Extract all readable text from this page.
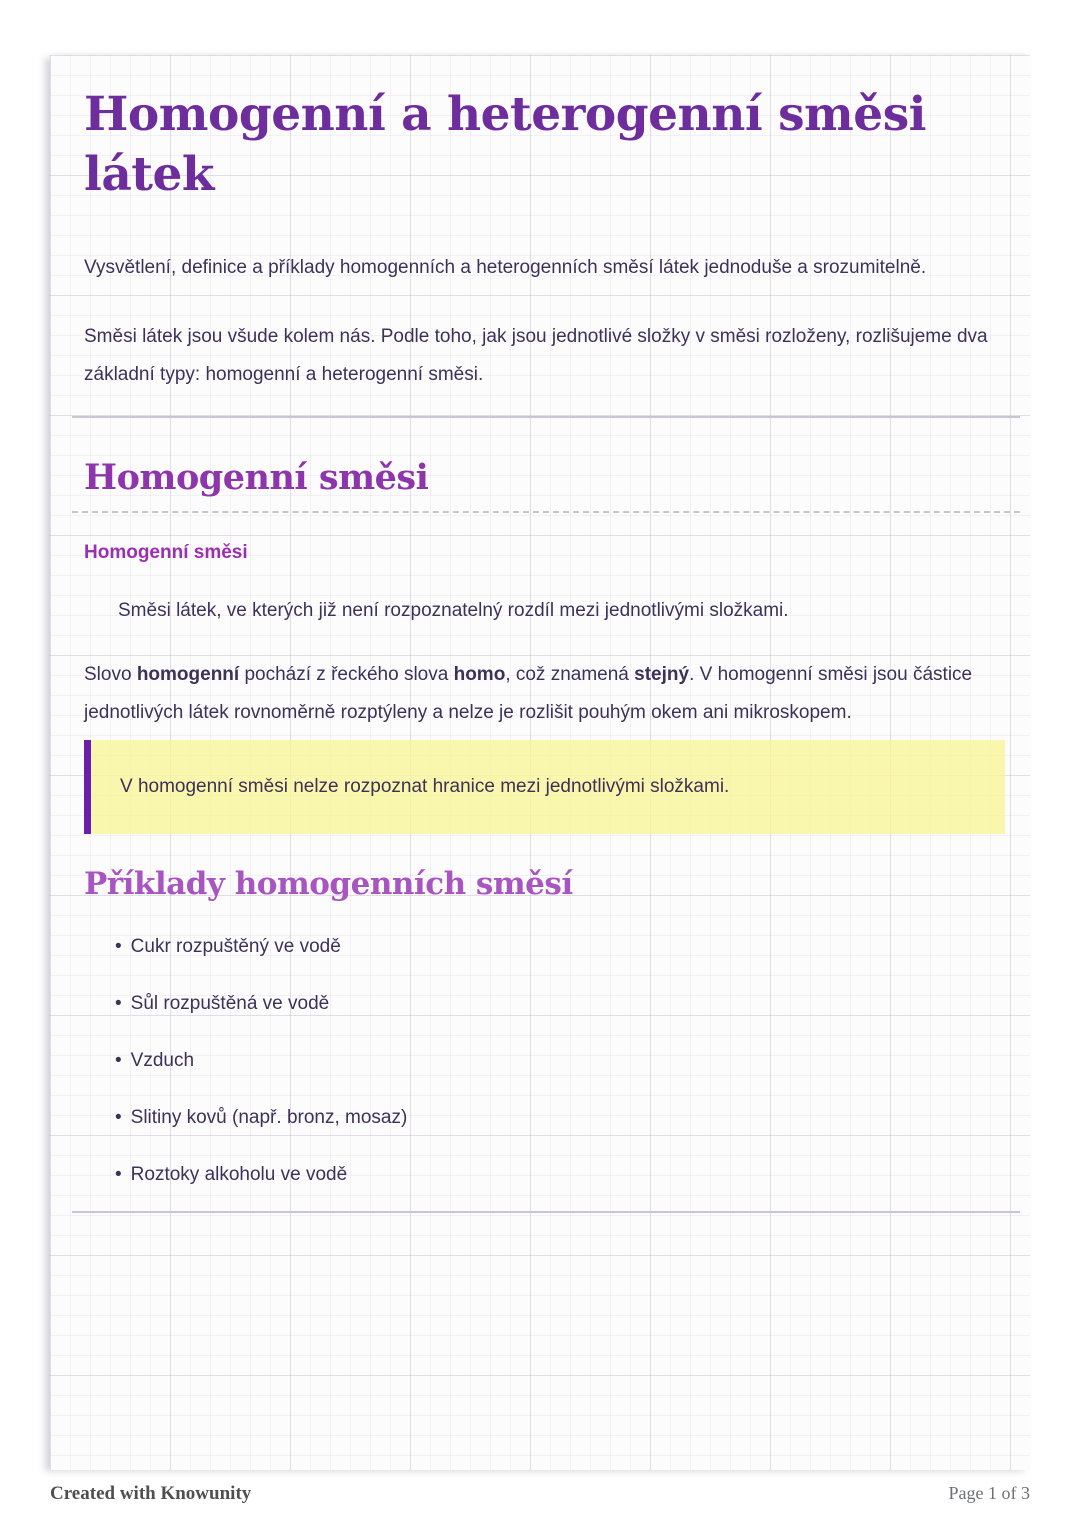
Homogenní a heterogenní směsi látek

Vysvětlení, definice a příklady homogenních a heterogenních směsí látek jednoduše a srozumitelně.

Směsi látek jsou všude kolem nás. Podle toho, jak jsou jednotlivé složky v směsi rozloženy, rozlišujeme dva základní typy: homogenní a heterogenní směsi.

Homogenní směsi

Homogenní směsi

Směsi látek, ve kterých již není rozpoznatelný rozdíl mezi jednotlivými složkami.

Slovo homogenní pochází z řeckého slova homo, což znamená stejný. V homogenní směsi jsou částice jednotlivých látek rovnoměrně rozptýleny a nelze je rozlišit pouhým okem ani mikroskopem.

V homogenní směsi nelze rozpoznat hranice mezi jednotlivými složkami.

Příklady homogenních směsí
• Cukr rozpuštěný ve vodě
• Sůl rozpuštěná ve vodě
• Vzduch
• Slitiny kovů (např. bronz, mosaz)
• Roztoky alkoholu ve vodě
Created with Knowunity	Page 1 of 3
